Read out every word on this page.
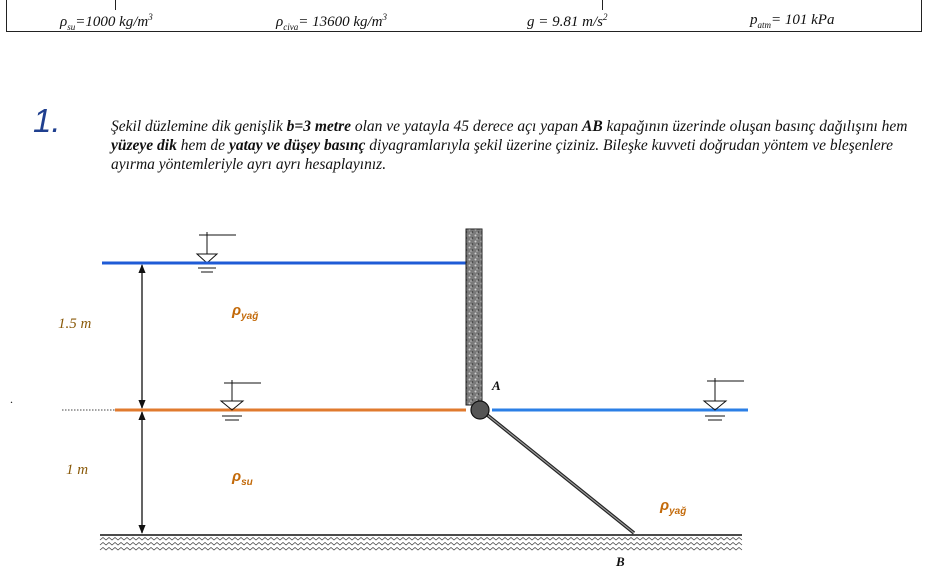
$\rho_{su}=1000$ $kg/m^3$	$\rho_{civa}= 13600$ $kg/m^3$	g = 9.81 $m/s^2$	$p_{atm}= 101$ kPa
1.	Şekil düzlemine dik genişlik b=3 metre olan ve yatayla 45 derece açı yapan AB kapağının üzerinde oluşan basınç dağılışını hem yüzeye dik hem de yatay ve düşey basınç diyagramlarıyla şekil üzerine çiziniz. Bileşke kuvveti doğrudan yöntem ve bleşenlere ayırma yöntemleriyle ayrı ayrı hesaplayınız.

.
1.5 m
1 m
$\rho_{yağ}$
$\rho_{su}$
$\rho_{yağ}$
A
B
